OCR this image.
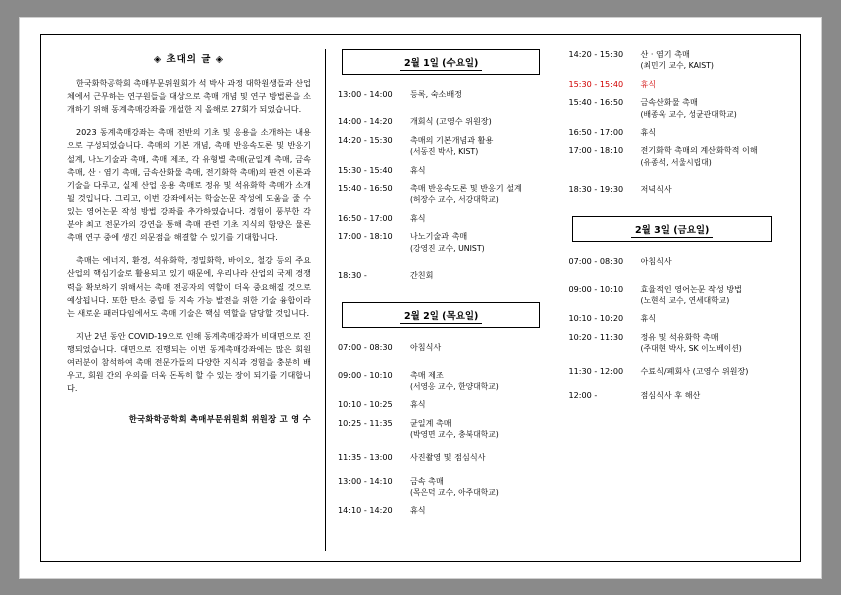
◈ 초대의 글 ◈

한국화학공학회 촉매부문위원회가 석 박사 과정 대학원생들과 산업체에서 근무하는 연구원들을 대상으로 촉매 개념 및 연구 방법론을 소개하기 위해 동계촉매강좌를 개설한 지 올해로 27회가 되었습니다.

2023 동계촉매강좌는 촉매 전반의 기초 및 응용을 소개하는 내용으로 구성되었습니다. 촉매의 기본 개념, 촉매 반응속도론 및 반응기 설계, 나노기술과 촉매, 촉매 제조, 각 유형별 촉매(균일계 촉매, 금속 촉매, 산 · 염기 촉매, 금속산화물 촉매, 전기화학 촉매)의 판견 이론과 기술을 다루고, 실제 산업 응용 촉매로 정유 및 석유화학 촉매가 소개될 것입니다. 그리고, 이번 강좌에서는 학술논문 작성에 도움을 줄 수 있는 영어논문 작성 방법 강좌를 추가하였습니다. 경험이 풍부한 각 분야 최고 전문가의 강연을 통해 촉매 관련 기초 지식의 함양은 물론 촉매 연구 중에 생긴 의문점을 해결할 수 있기를 기대합니다.

촉매는 에너지, 환경, 석유화학, 정밀화학, 바이오, 철강 등의 주요 산업의 핵심기술로 활용되고 있기 때문에, 우리나라 산업의 국제 경쟁력을 확보하기 위해서는 촉매 전공자의 역할이 더욱 중요해질 것으로 예상됩니다. 또한 탄소 중립 등 지속 가능 발전을 위한 기술 융합이라는 새로운 패러다임에서도 촉매 기술은 핵심 역할을 담당할 것입니다.

지난 2년 동안 COVID-19으로 인해 동계촉매강좌가 비대면으로 진행되었습니다. 대면으로 진행되는 이번 동계촉매강좌에는 많은 회원 여러분이 참석하여 촉매 전문가들의 다양한 지식과 경험을 충분히 배우고, 회원 간의 우의를 더욱 돈독히 할 수 있는 장이 되기를 기대합니다.

한국화학공학회 촉매부문위원회 위원장 고 영 수
2월 1일 (수요일)
13:00 - 14:00	등록, 숙소배정
14:00 - 14:20	개회식 (고영수 위원장)
14:20 - 15:30	촉매의 기본개념과 활용
(서동진 박사, KIST)
15:30 - 15:40	휴식
15:40 - 16:50	촉매 반응속도론 및 반응기 설계
(허장수 교수, 서강대학교)
16:50 - 17:00	휴식
17:00 - 18:10	나노기술과 촉매
(강영진 교수, UNIST)
18:30 -	간친회
2월 2일 (목요일)
07:00 - 08:30	아침식사
09:00 - 10:10	촉매 제조
(서영응 교수, 한양대학교)
10:10 - 10:25	휴식
10:25 - 11:35	균일계 촉매
(박영면 교수, 충북대학교)
11:35 - 13:00	사진촬영 및 점심식사
13:00 - 14:10	금속 촉매
(목은덕 교수, 아주대학교)
14:10 - 14:20	휴식
14:20 - 15:30	산 · 염기 촉매
(최민기 교수, KAIST)
15:30 - 15:40	휴식
15:40 - 16:50	금속산화물 촉매
(배종욱 교수, 성균관대학교)
16:50 - 17:00	휴식
17:00 - 18:10	전기화학 촉매의 계산화학적 이해
(유종석, 서울시립대)
18:30 - 19:30	저녁식사
2월 3일 (금요일)
07:00 - 08:30	아침식사
09:00 - 10:10	효율적인 영어논문 작성 방법
(노현석 교수, 연세대학교)
10:10 - 10:20	휴식
10:20 - 11:30	정유 및 석유화학 촉매
(주대현 박사, SK 이노베이션)
11:30 - 12:00	수료식/폐회사 (고영수 위원장)
12:00 -	점심식사 후 해산
